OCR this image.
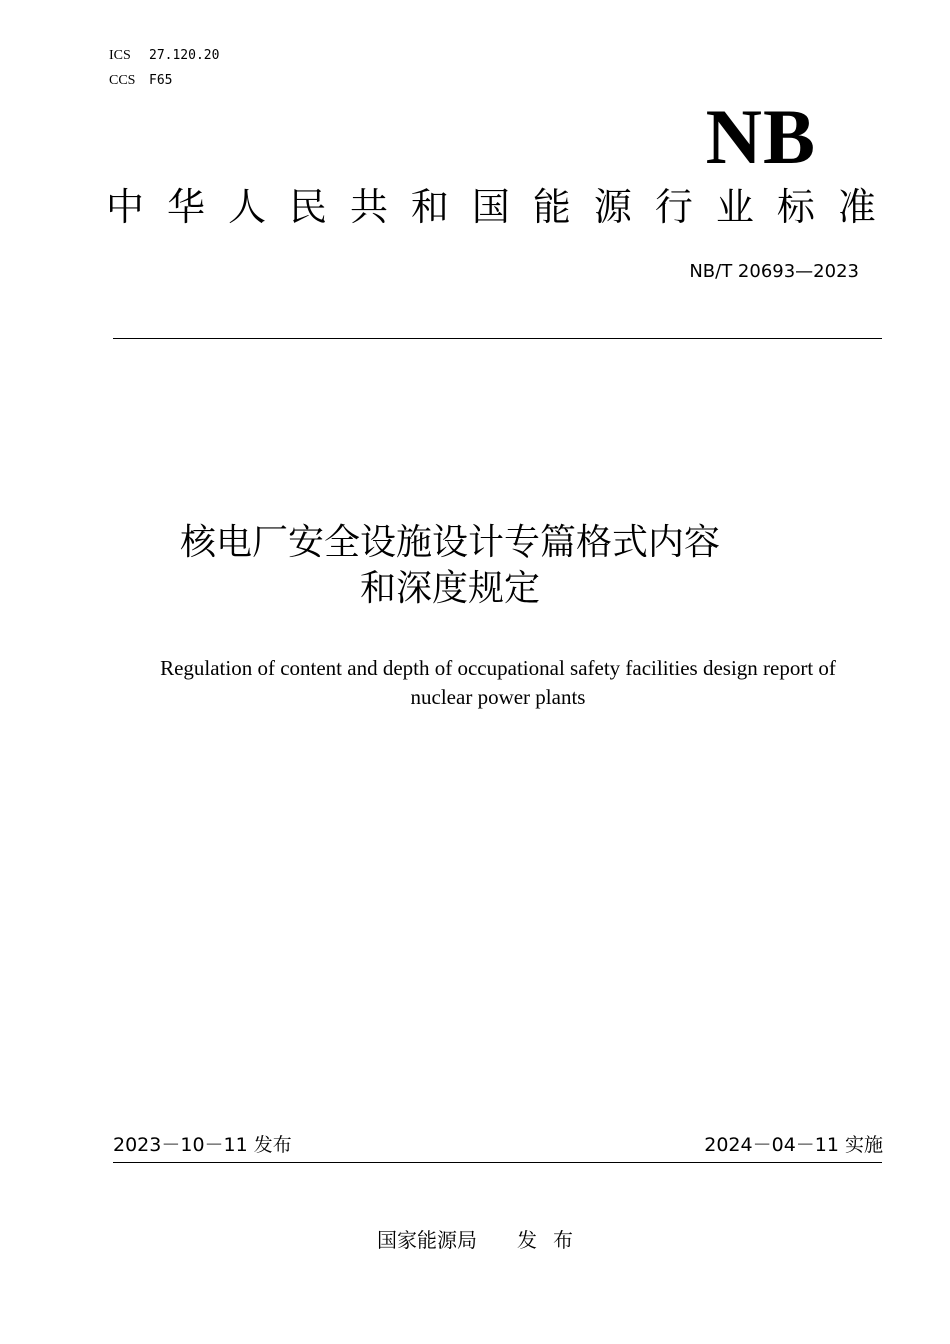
ICS 27.120.20
CCS F65
NB
中 华 人 民 共 和 国 能 源 行 业 标 准
NB/T 20693—2023
核电厂安全设施设计专篇格式内容
和深度规定
Regulation of content and depth of occupational safety facilities design report of
nuclear power plants
2023－10－11 发布	2024－04－11 实施
国家能源局 发布
